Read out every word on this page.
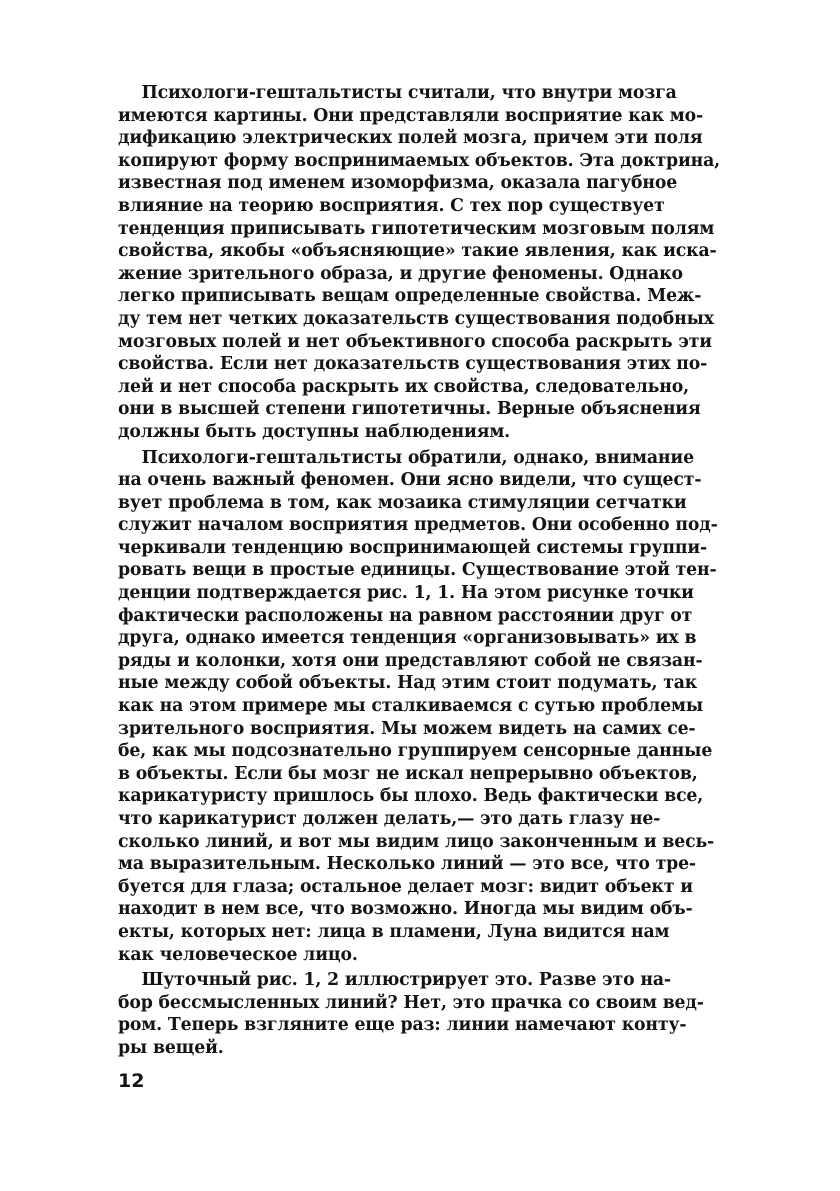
Психологи-гештальтисты считали, что внутри мозга
имеются картины. Они представляли восприятие как мо-
дификацию электрических полей мозга, причем эти поля
копируют форму воспринимаемых объектов. Эта доктрина,
известная под именем изоморфизма, оказала пагубное
влияние на теорию восприятия. С тех пор существует
тенденция приписывать гипотетическим мозговым полям
свойства, якобы «объясняющие» такие явления, как иска-
жение зрительного образа, и другие феномены. Однако
легко приписывать вещам определенные свойства. Меж-
ду тем нет четких доказательств существования подобных
мозговых полей и нет объективного способа раскрыть эти
свойства. Если нет доказательств существования этих по-
лей и нет способа раскрыть их свойства, следовательно,
они в высшей степени гипотетичны. Верные объяснения
должны быть доступны наблюдениям.
Психологи-гештальтисты обратили, однако, внимание
на очень важный феномен. Они ясно видели, что сущест-
вует проблема в том, как мозаика стимуляции сетчатки
служит началом восприятия предметов. Они особенно под-
черкивали тенденцию воспринимающей системы группи-
ровать вещи в простые единицы. Существование этой тен-
денции подтверждается рис. 1, 1. На этом рисунке точки
фактически расположены на равном расстоянии друг от
друга, однако имеется тенденция «организовывать» их в
ряды и колонки, хотя они представляют собой не связан-
ные между собой объекты. Над этим стоит подумать, так
как на этом примере мы сталкиваемся с сутью проблемы
зрительного восприятия. Мы можем видеть на самих се-
бе, как мы подсознательно группируем сенсорные данные
в объекты. Если бы мозг не искал непрерывно объектов,
карикатуристу пришлось бы плохо. Ведь фактически все,
что карикатурист должен делать,— это дать глазу не-
сколько линий, и вот мы видим лицо законченным и весь-
ма выразительным. Несколько линий — это все, что тре-
буется для глаза; остальное делает мозг: видит объект и
находит в нем все, что возможно. Иногда мы видим объ-
екты, которых нет: лица в пламени, Луна видится нам
как человеческое лицо.
Шуточный рис. 1, 2 иллюстрирует это. Разве это на-
бор бессмысленных линий? Нет, это прачка со своим вед-
ром. Теперь взгляните еще раз: линии намечают конту-
ры вещей.
12
